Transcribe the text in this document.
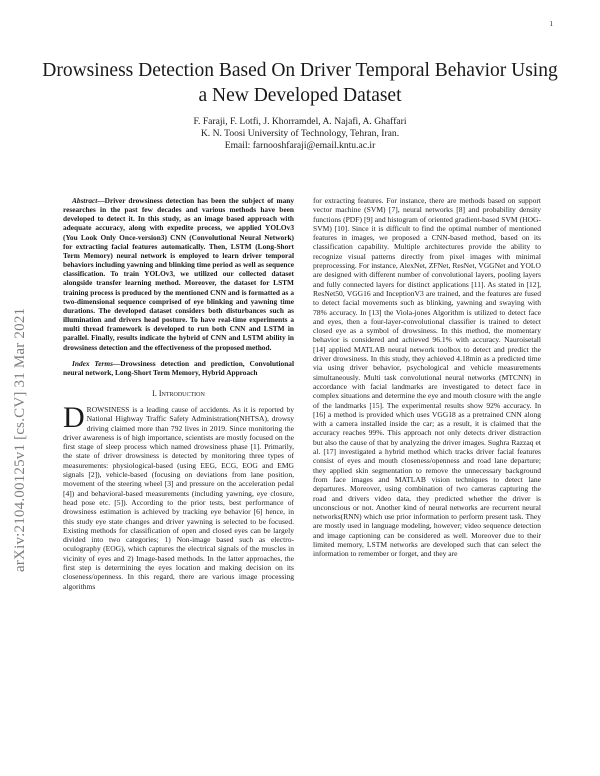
1
arXiv:2104.00125v1 [cs.CV] 31 Mar 2021
Drowsiness Detection Based On Driver Temporal Behavior Using a New Developed Dataset
F. Faraji, F. Lotfi, J. Khorramdel, A. Najafi, A. Ghaffari
K. N. Toosi University of Technology, Tehran, Iran.
Email: farnooshfaraji@email.kntu.ac.ir

Abstract—Driver drowsiness detection has been the subject of many researches in the past few decades and various methods have been developed to detect it. In this study, as an image based approach with adequate accuracy, along with expedite process, we applied YOLOv3 (You Look Only Once-version3) CNN (Convolutional Neural Network) for extracting facial features automatically. Then, LSTM (Long-Short Term Memory) neural network is employed to learn driver temporal behaviors including yawning and blinking time period as well as sequence classification. To train YOLOv3, we utilized our collected dataset alongside transfer learning method. Moreover, the dataset for LSTM training process is produced by the mentioned CNN and is formatted as a two-dimensional sequence comprised of eye blinking and yawning time durations. The developed dataset considers both disturbances such as illumination and drivers head posture. To have real-time experiments a multi thread framework is developed to run both CNN and LSTM in parallel. Finally, results indicate the hybrid of CNN and LSTM ability in drowsiness detection and the effectiveness of the proposed method.

Index Terms—Drowsiness detection and prediction, Convolutional neural network, Long-Short Term Memory, Hybrid Approach

I. Introduction

DROWSINESS is a leading cause of accidents. As it is reported by National Highway Traffic Safety Administration(NHTSA), drowsy driving claimed more than 792 lives in 2019. Since monitoring the driver awareness is of high importance, scientists are mostly focused on the first stage of sleep process which named drowsiness phase [1]. Primarily, the state of driver drowsiness is detected by monitoring three types of measurements: physiological-based (using EEG, ECG, EOG and EMG signals [2]), vehicle-based (focusing on deviations from lane position, movement of the steering wheel [3] and pressure on the acceleration pedal [4]) and behavioral-based measurements (including yawning, eye closure, head pose etc. [5]). According to the prior tests, best performance of drowsiness estimation is achieved by tracking eye behavior [6] hence, in this study eye state changes and driver yawning is selected to be focused. Existing methods for classification of open and closed eyes can be largely divided into two categories; 1) Non-image based such as electro-oculography (EOG), which captures the electrical signals of the muscles in vicinity of eyes and 2) Image-based methods. In the latter approaches, the first step is determining the eyes location and making decision on its closeness/openness. In this regard, there are various image processing algorithms

for extracting features. For instance, there are methods based on support vector machine (SVM) [7], neural networks [8] and probability density functions (PDF) [9] and histogram of oriented gradient-based SVM (HOG-SVM) [10]. Since it is difficult to find the optimal number of mentioned features in images, we proposed a CNN-based method, based on its classification capability. Multiple architectures provide the ability to recognize visual patterns directly from pixel images with minimal preprocessing. For instance, AlexNet, ZFNet, ResNet, VGGNet and YOLO are designed with different number of convolutional layers, pooling layers and fully connected layers for distinct applications [11]. As stated in [12], ResNet50, VGG16 and InceptionV3 are trained, and the features are fused to detect facial movements such as blinking, yawning and swaying with 78% accuracy. In [13] the Viola-jones Algorithm is utilized to detect face and eyes, then a four-layer-convolutional classifier is trained to detect closed eye as a symbol of drowsiness. In this method, the momentary behavior is considered and achieved 96.1% with accuracy. Nauroisetall [14] applied MATLAB neural network toolbox to detect and predict the driver drowsiness. In this study, they achieved 4.18min as a predicted time via using driver behavior, psychological and vehicle measurements simultaneously. Multi task convolutional neural networks (MTCNN) in accordance with facial landmarks are investigated to detect face in complex situations and determine the eye and mouth closure with the angle of the landmarks [15]. The experimental results show 92% accuracy. In [16] a method is provided which uses VGG18 as a pretrained CNN along with a camera installed inside the car; as a result, it is claimed that the accuracy reaches 99%. This approach not only detects driver distraction but also the cause of that by analyzing the driver images. Sughra Razzaq et al. [17] investigated a hybrid method which tracks driver facial features consist of eyes and mouth closeness/openness and road lane departure; they applied skin segmentation to remove the unnecessary background from face images and MATLAB vision techniques to detect lane departures. Moreover, using combination of two cameras capturing the road and drivers video data, they predicted whether the driver is unconscious or not. Another kind of neural networks are recurrent neural networks(RNN) which use prior information to perform present task. They are mostly used in language modeling, however; video sequence detection and image captioning can be considered as well. Moreover due to their limited memory, LSTM networks are developed such that can select the information to remember or forget, and they are
